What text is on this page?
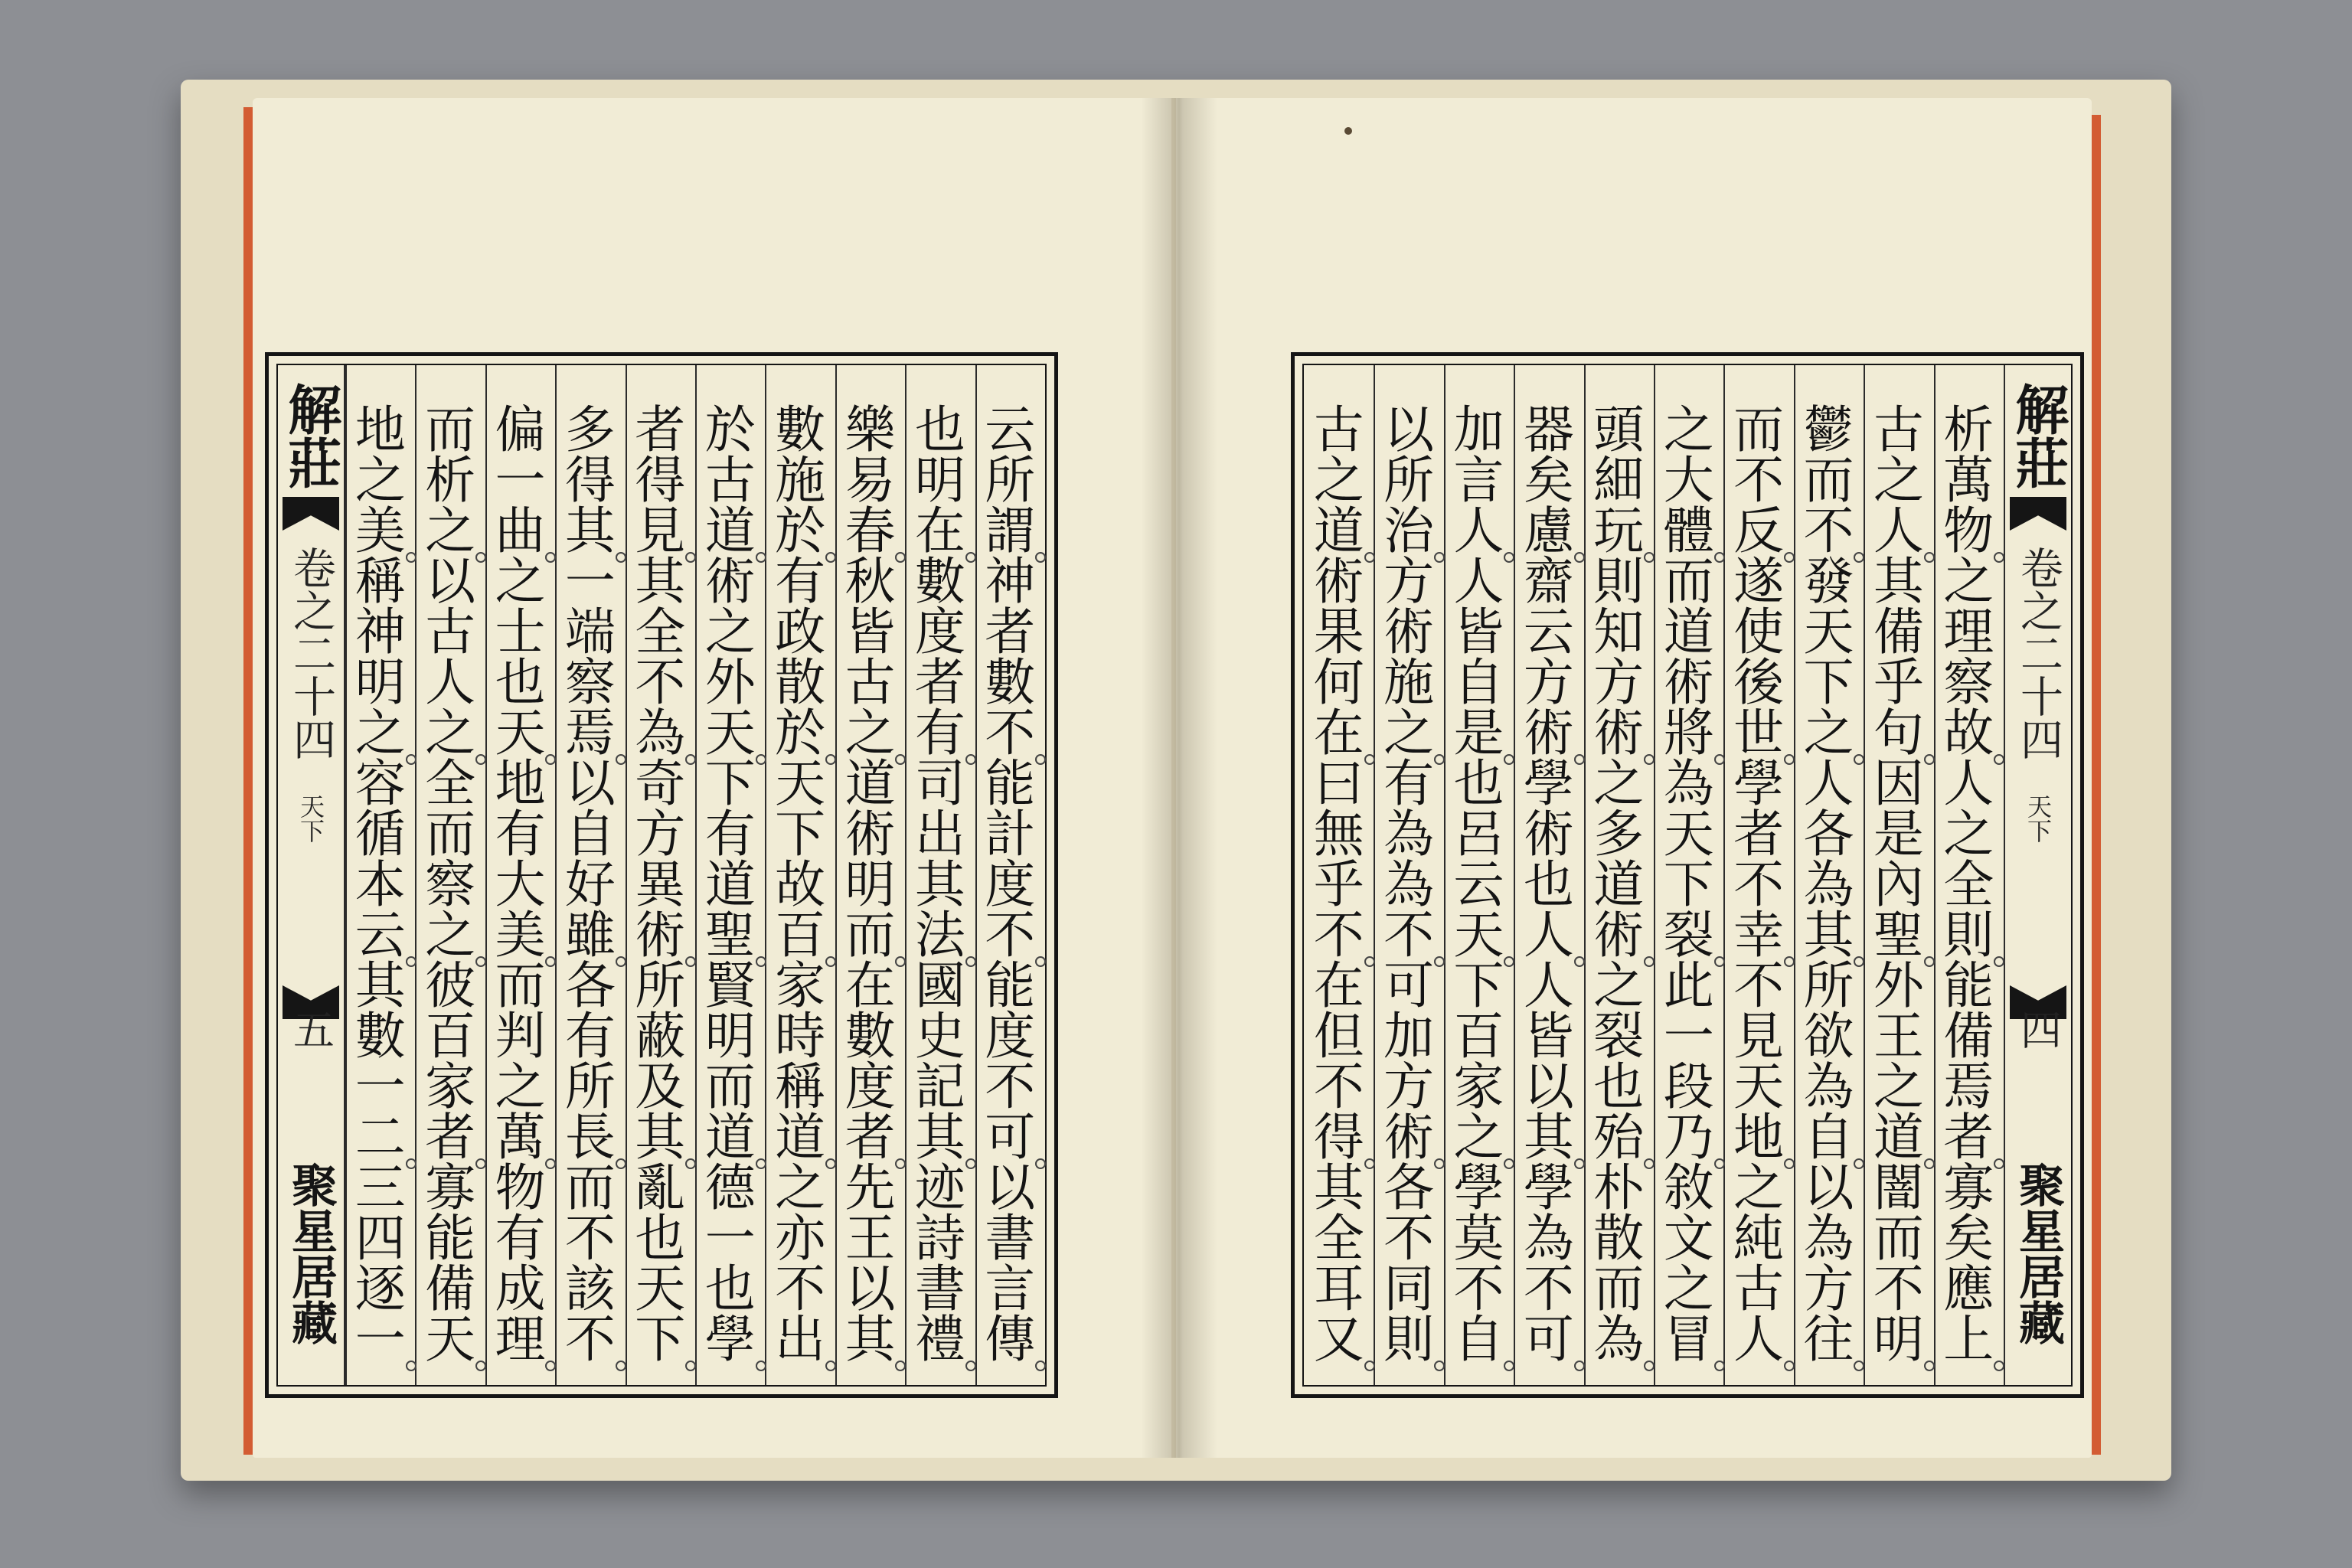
解莊
卷之二十四
天下
五
聚星居藏
云
所
謂
神
者
數
不
能
計
度
不
能
度
不
可
以
書
言
傳
也
明
在
數
度
者
有
司
出
其
法
國
史
記
其
迹
詩
書
禮
樂
易
春
秋
皆
古
之
道
術
明
而
在
數
度
者
先
王
以
其
數
施
於
有
政
散
於
天
下
故
百
家
時
稱
道
之
亦
不
出
於
古
道
術
之
外
天
下
有
道
聖
賢
明
而
道
德
一
也
學
者
得
見
其
全
不
為
奇
方
異
術
所
蔽
及
其
亂
也
天
下
多
得
其
一
端
察
焉
以
自
好
雖
各
有
所
長
而
不
該
不
偏
一
曲
之
士
也
天
地
有
大
美
而
判
之
萬
物
有
成
理
而
析
之
以
古
人
之
全
而
察
之
彼
百
家
者
寡
能
備
天
地
之
美
稱
神
明
之
容
循
本
云
其
數
一
二
三
四
逐
一
解莊
卷之二十四
天下
四
聚星居藏
析
萬
物
之
理
察
故
人
之
全
則
能
備
焉
者
寡
矣
應
上
古
之
人
其
備
乎
句
因
是
內
聖
外
王
之
道
闇
而
不
明
鬱
而
不
發
天
下
之
人
各
為
其
所
欲
為
自
以
為
方
往
而
不
反
遂
使
後
世
學
者
不
幸
不
見
天
地
之
純
古
人
之
大
體
而
道
術
將
為
天
下
裂
此
一
段
乃
敘
文
之
冒
頭
細
玩
則
知
方
術
之
多
道
術
之
裂
也
殆
朴
散
而
為
器
矣
慮
齋
云
方
術
學
術
也
人
人
皆
以
其
學
為
不
可
加
言
人
人
皆
自
是
也
呂
云
天
下
百
家
之
學
莫
不
自
以
所
治
方
術
施
之
有
為
為
不
可
加
方
術
各
不
同
則
古
之
道
術
果
何
在
曰
無
乎
不
在
但
不
得
其
全
耳
又
